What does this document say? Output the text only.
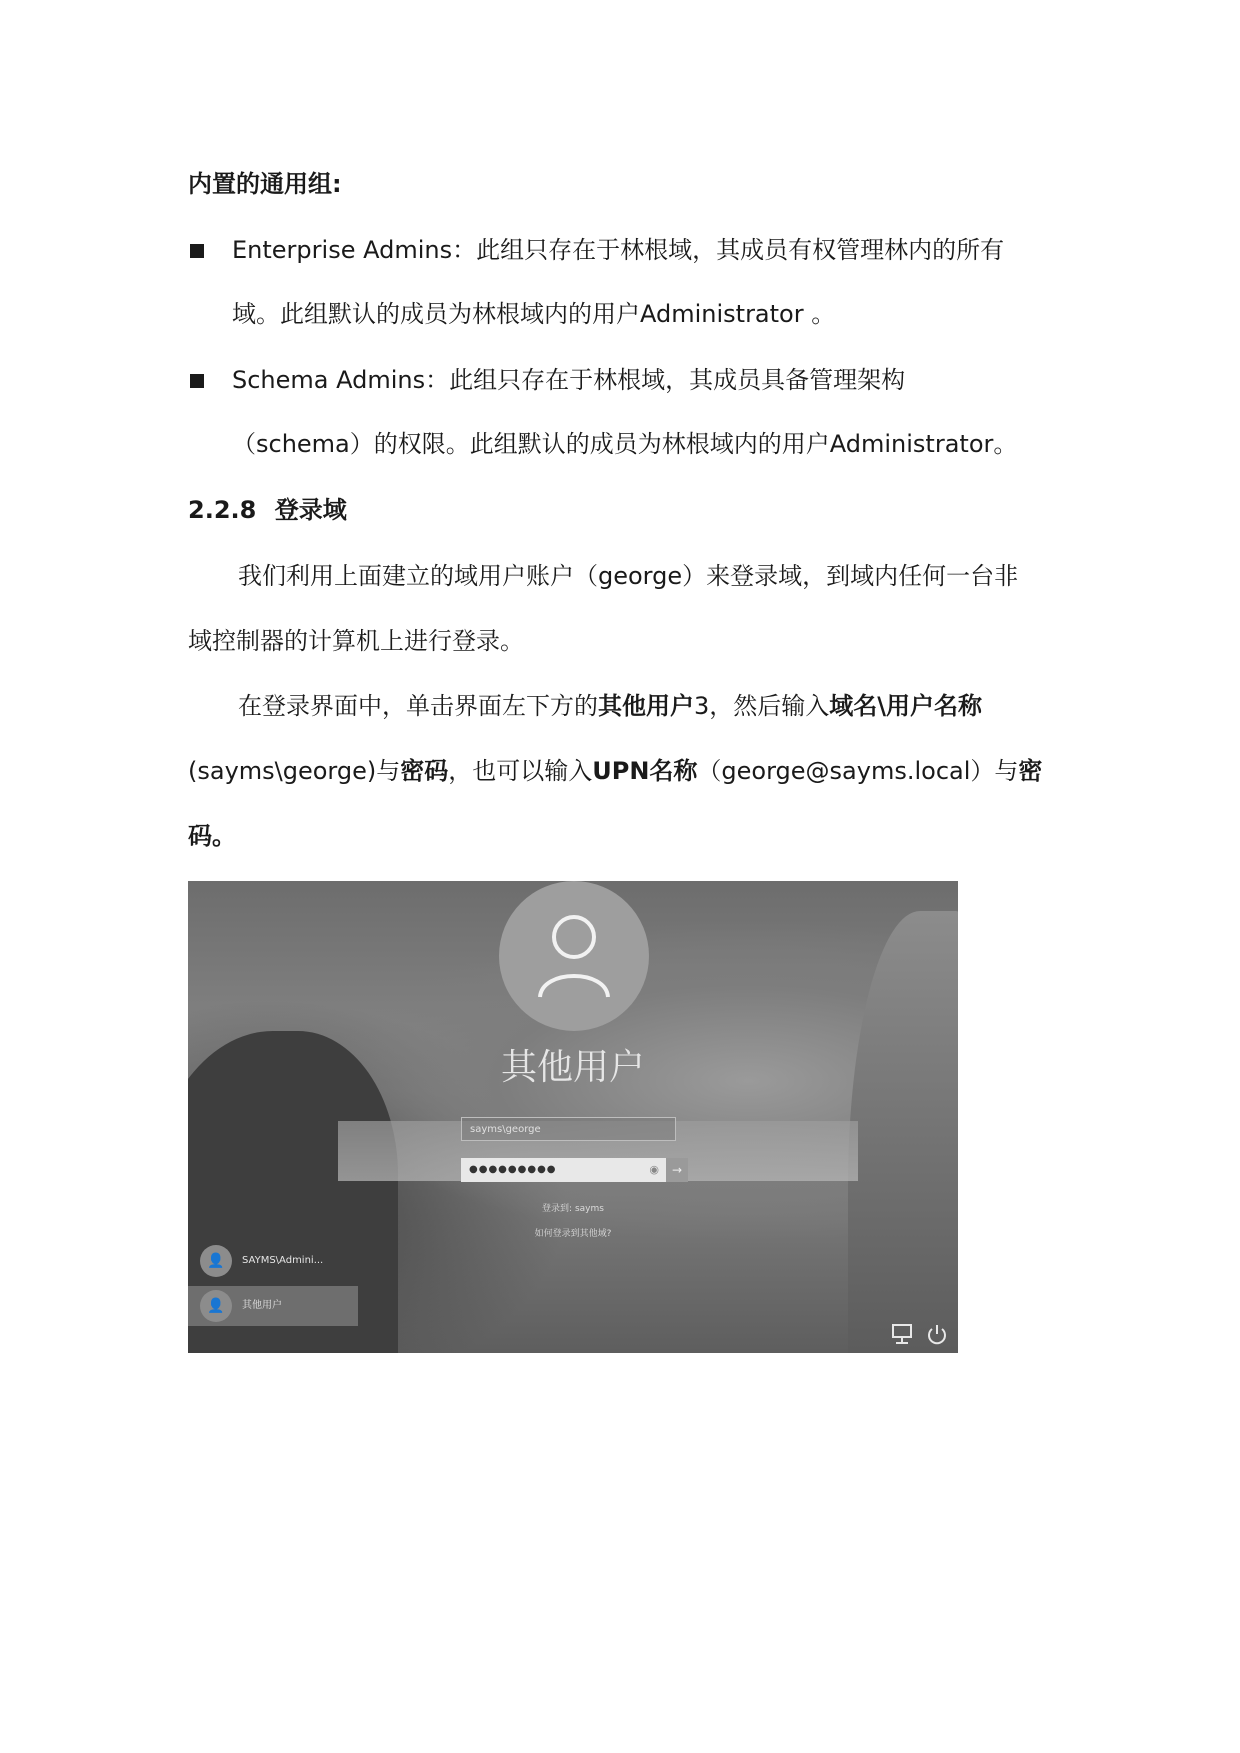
内置的通用组:
Enterprise Admins：此组只存在于林根域，其成员有权管理林内的所有
域。此组默认的成员为林根域内的用户Administrator 。
Schema Admins：此组只存在于林根域，其成员具备管理架构
（schema）的权限。此组默认的成员为林根域内的用户Administrator。
2.2.8 登录域
我们利用上面建立的域用户账户（george）来登录域，到域内任何一台非
域控制器的计算机上进行登录。
在登录界面中，单击界面左下方的其他用户3，然后输入域名\用户名称
(sayms\george)与密码，也可以输入UPN名称（george@sayms.local）与密
码。
其他用户
sayms\george
●●●●●●●●●	◉ →
登录到: sayms
如何登录到其他域?
👤	SAYMS\Admini...
👤	其他用户
